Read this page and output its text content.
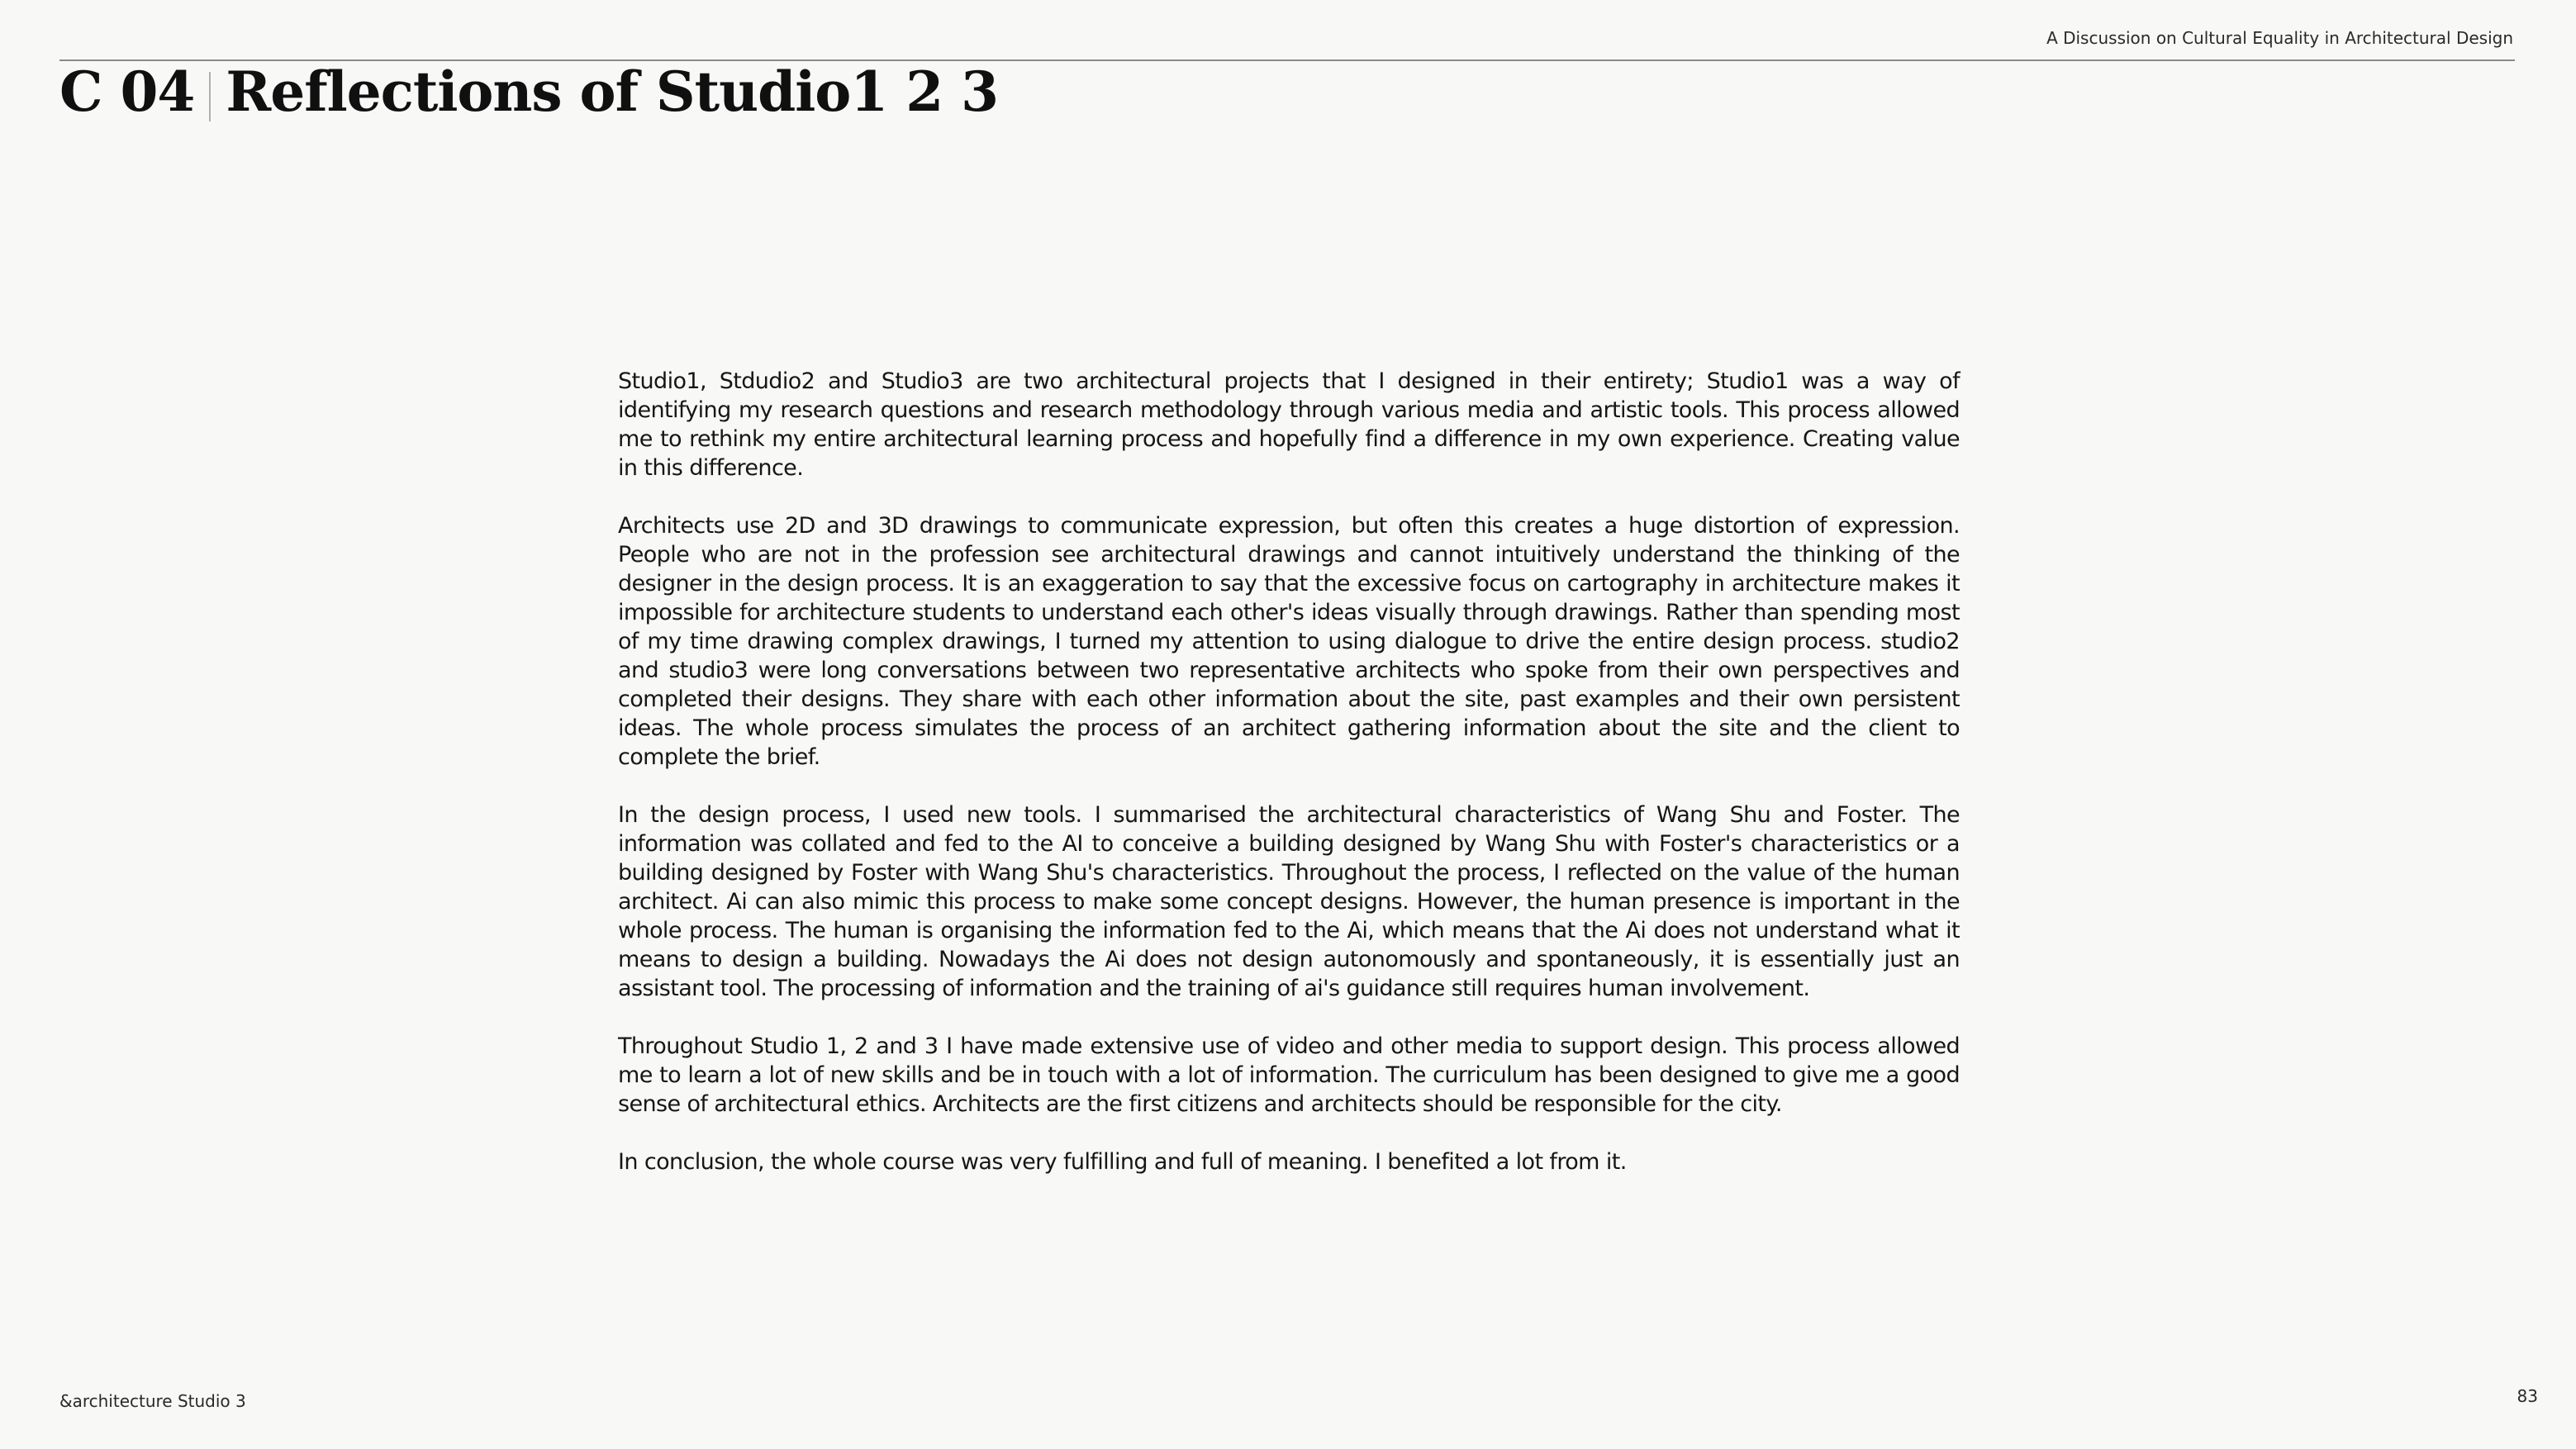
A Discussion on Cultural Equality in Architectural Design
C 04 Reflections of Studio1 2 3

Studio1, Stdudio2 and Studio3 are two architectural projects that I designed in their entirety; Studio1 was a way of identifying my research questions and research methodology through various media and artistic tools. This process allowed me to rethink my entire architectural learning process and hopefully find a difference in my own experience. Creating value in this difference.

Architects use 2D and 3D drawings to communicate expression, but often this creates a huge distortion of expression. People who are not in the profession see architectural drawings and cannot intuitively understand the thinking of the designer in the design process. It is an exaggeration to say that the excessive focus on cartography in architecture makes it impossible for architecture students to understand each other's ideas visually through drawings. Rather than spending most of my time drawing complex drawings, I turned my attention to using dialogue to drive the entire design process. studio2 and studio3 were long conversations between two representative architects who spoke from their own perspectives and completed their designs. They share with each other information about the site, past examples and their own persistent ideas. The whole process simulates the process of an architect gathering information about the site and the client to complete the brief.

In the design process, I used new tools. I summarised the architectural characteristics of Wang Shu and Foster. The information was collated and fed to the AI to conceive a building designed by Wang Shu with Foster's characteristics or a building designed by Foster with Wang Shu's characteristics. Throughout the process, I reflected on the value of the human architect. Ai can also mimic this process to make some concept designs. However, the human presence is important in the whole process. The human is organising the information fed to the Ai, which means that the Ai does not understand what it means to design a building. Nowadays the Ai does not design autonomously and spontaneously, it is essentially just an assistant tool. The processing of information and the training of ai's guidance still requires human involvement.

Throughout Studio 1, 2 and 3 I have made extensive use of video and other media to support design. This process allowed me to learn a lot of new skills and be in touch with a lot of information. The curriculum has been designed to give me a good sense of architectural ethics. Architects are the first citizens and architects should be responsible for the city.

In conclusion, the whole course was very fulfilling and full of meaning. I benefited a lot from it.

&architecture Studio 3	83
